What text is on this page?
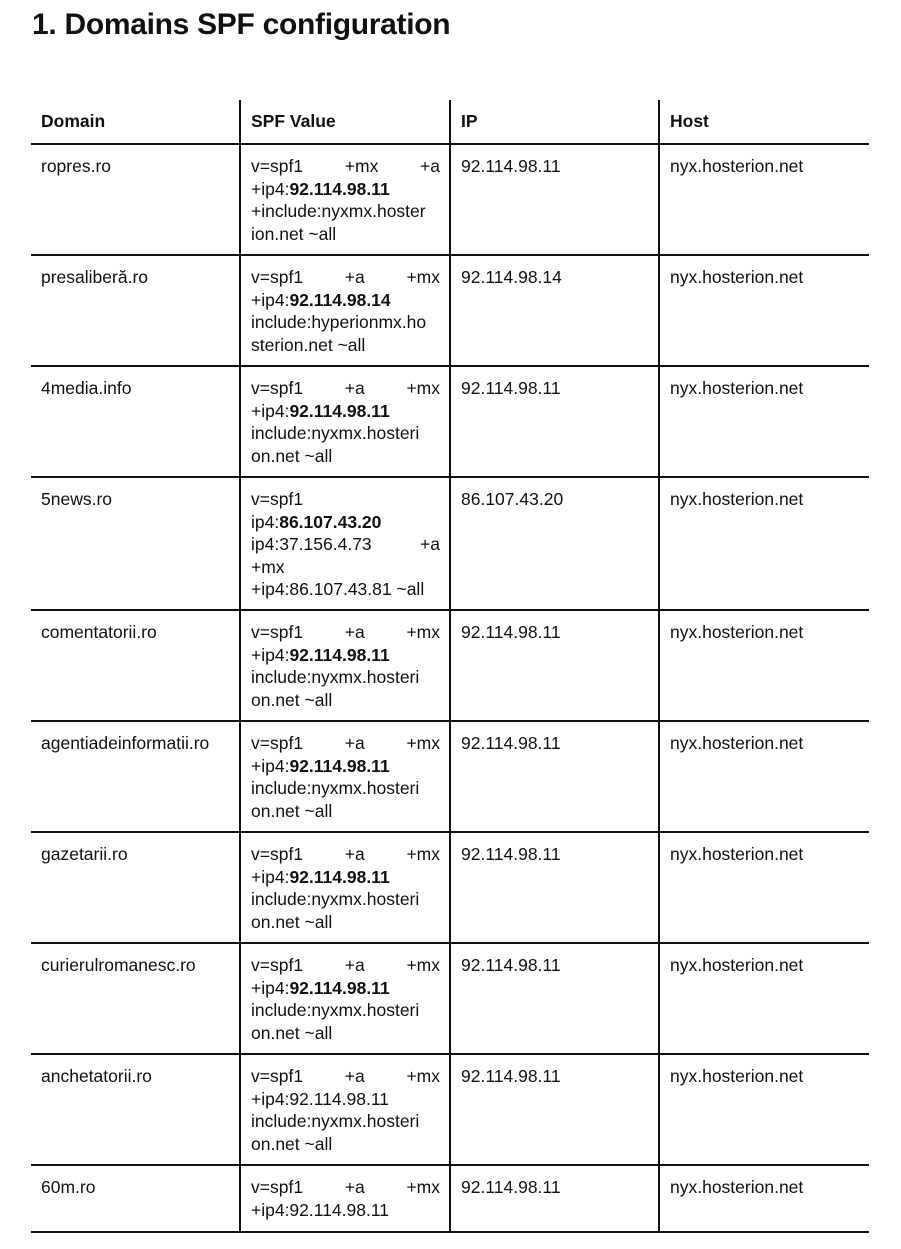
1. Domains SPF configuration
Domain	SPF Value	IP	Host
ropres.ro	v=spf1 +mx +a
+ip4:92.114.98.11
+include:nyxmx.hoster
ion.net ~all	92.114.98.11	nyx.hosterion.net
presaliberă.ro	v=spf1 +a +mx
+ip4:92.114.98.14
include:hyperionmx.ho
sterion.net ~all	92.114.98.14	nyx.hosterion.net
4media.info	v=spf1 +a +mx
+ip4:92.114.98.11
include:nyxmx.hosteri
on.net ~all	92.114.98.11	nyx.hosterion.net
5news.ro	v=spf1
ip4:86.107.43.20
ip4:37.156.4.73 +a
+mx
+ip4:86.107.43.81 ~all	86.107.43.20	nyx.hosterion.net
comentatorii.ro	v=spf1 +a +mx
+ip4:92.114.98.11
include:nyxmx.hosteri
on.net ~all	92.114.98.11	nyx.hosterion.net
agentiadeinformatii.ro	v=spf1 +a +mx
+ip4:92.114.98.11
include:nyxmx.hosteri
on.net ~all	92.114.98.11	nyx.hosterion.net
gazetarii.ro	v=spf1 +a +mx
+ip4:92.114.98.11
include:nyxmx.hosteri
on.net ~all	92.114.98.11	nyx.hosterion.net
curierulromanesc.ro	v=spf1 +a +mx
+ip4:92.114.98.11
include:nyxmx.hosteri
on.net ~all	92.114.98.11	nyx.hosterion.net
anchetatorii.ro	v=spf1 +a +mx
+ip4:92.114.98.11
include:nyxmx.hosteri
on.net ~all	92.114.98.11	nyx.hosterion.net
60m.ro	v=spf1 +a +mx
+ip4:92.114.98.11	92.114.98.11	nyx.hosterion.net
